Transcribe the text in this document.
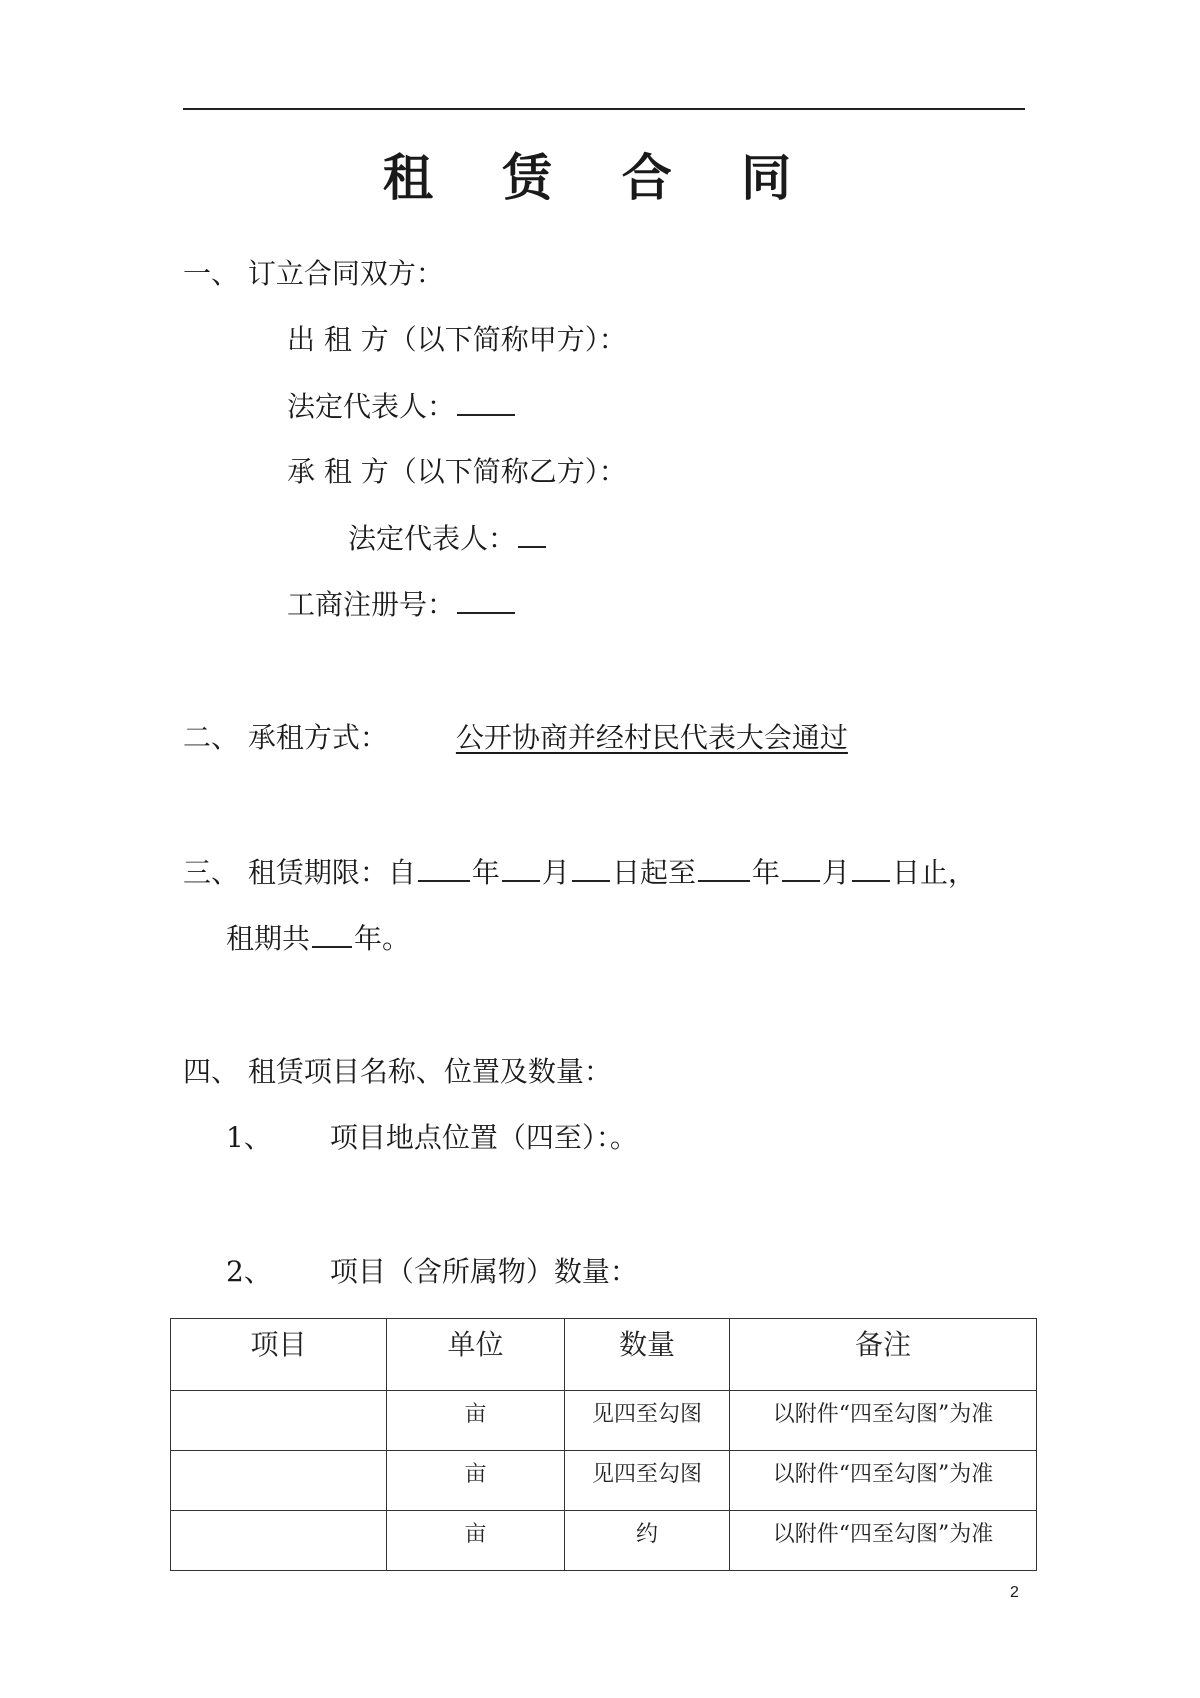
租 赁 合 同
一、 订立合同双方：
出 租 方（以下简称甲方）：
法定代表人：
承 租 方（以下简称乙方）：
法定代表人：
工商注册号：
二、 承租方式： 公开协商并经村民代表大会通过
三、 租赁期限：自 年 月 日起至 年 月 日止，
租期共 年。
四、 租赁项目名称、位置及数量：
1、 项目地点位置（四至）：。
2、 项目（含所属物）数量：
项目	单位	数量	备注
	亩	见四至勾图	以附件“四至勾图”为准
	亩	见四至勾图	以附件“四至勾图”为准
	亩	约	以附件“四至勾图”为准
2
